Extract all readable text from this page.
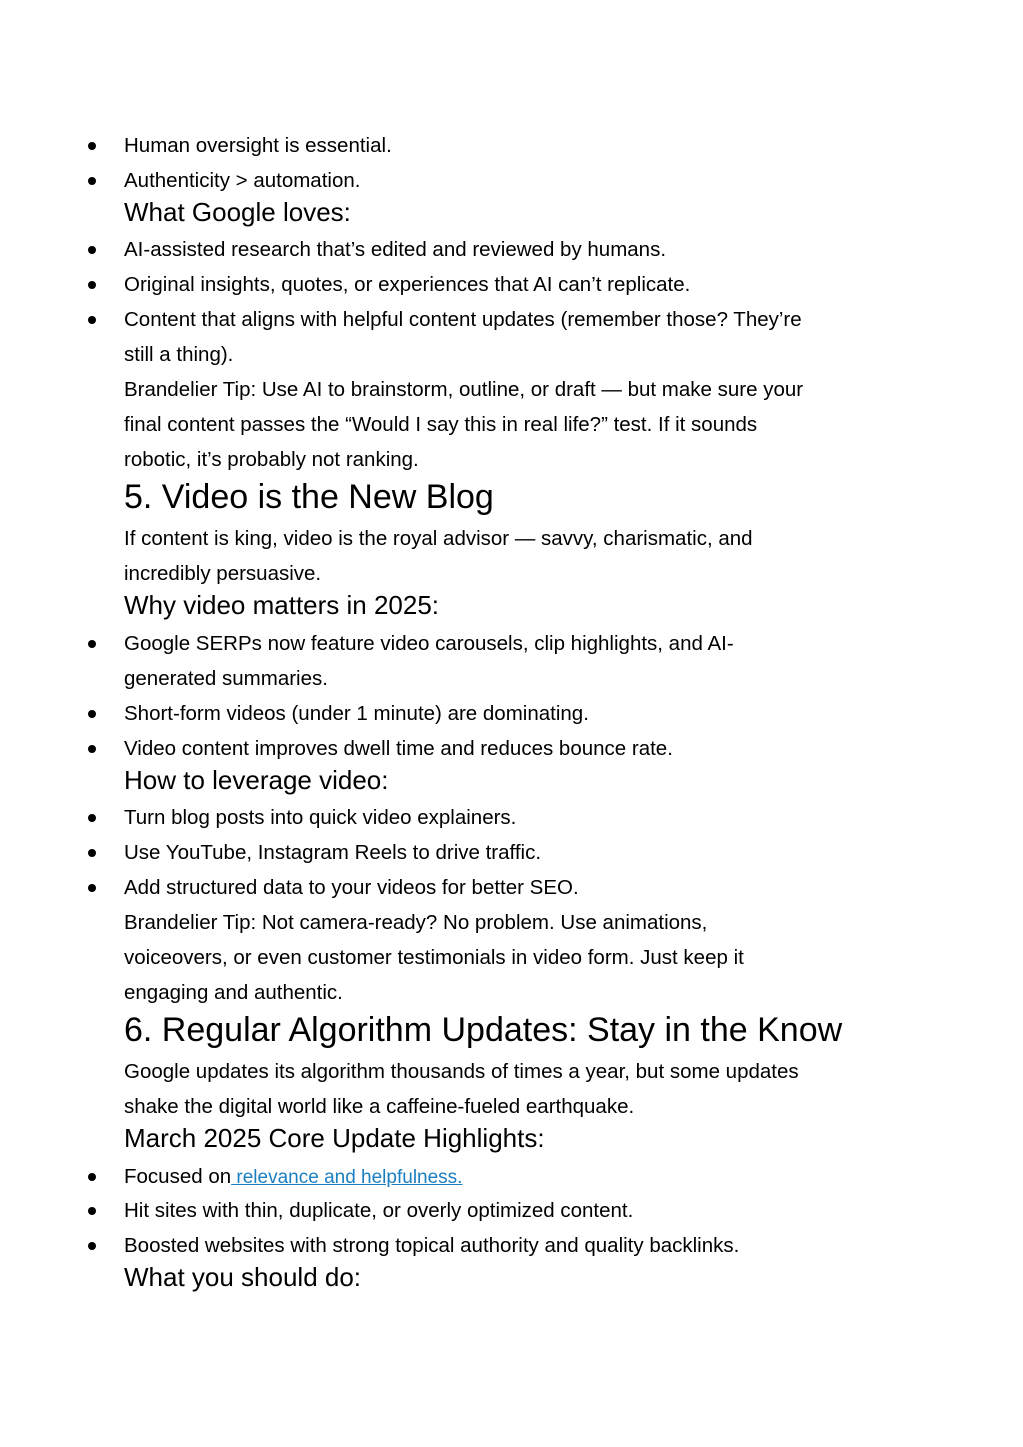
Human oversight is essential.
Authenticity > automation.
What Google loves:
AI-assisted research that’s edited and reviewed by humans.
Original insights, quotes, or experiences that AI can’t replicate.
Content that aligns with helpful content updates (remember those? They’re
still a thing).
Brandelier Tip: Use AI to brainstorm, outline, or draft — but make sure your
final content passes the “Would I say this in real life?” test. If it sounds
robotic, it’s probably not ranking.
5. Video is the New Blog
If content is king, video is the royal advisor — savvy, charismatic, and
incredibly persuasive.
Why video matters in 2025:
Google SERPs now feature video carousels, clip highlights, and AI-
generated summaries.
Short-form videos (under 1 minute) are dominating.
Video content improves dwell time and reduces bounce rate.
How to leverage video:
Turn blog posts into quick video explainers.
Use YouTube, Instagram Reels to drive traffic.
Add structured data to your videos for better SEO.
Brandelier Tip: Not camera-ready? No problem. Use animations,
voiceovers, or even customer testimonials in video form. Just keep it
engaging and authentic.
6. Regular Algorithm Updates: Stay in the Know
Google updates its algorithm thousands of times a year, but some updates
shake the digital world like a caffeine-fueled earthquake.
March 2025 Core Update Highlights:
Focused on relevance and helpfulness.
Hit sites with thin, duplicate, or overly optimized content.
Boosted websites with strong topical authority and quality backlinks.
What you should do:
